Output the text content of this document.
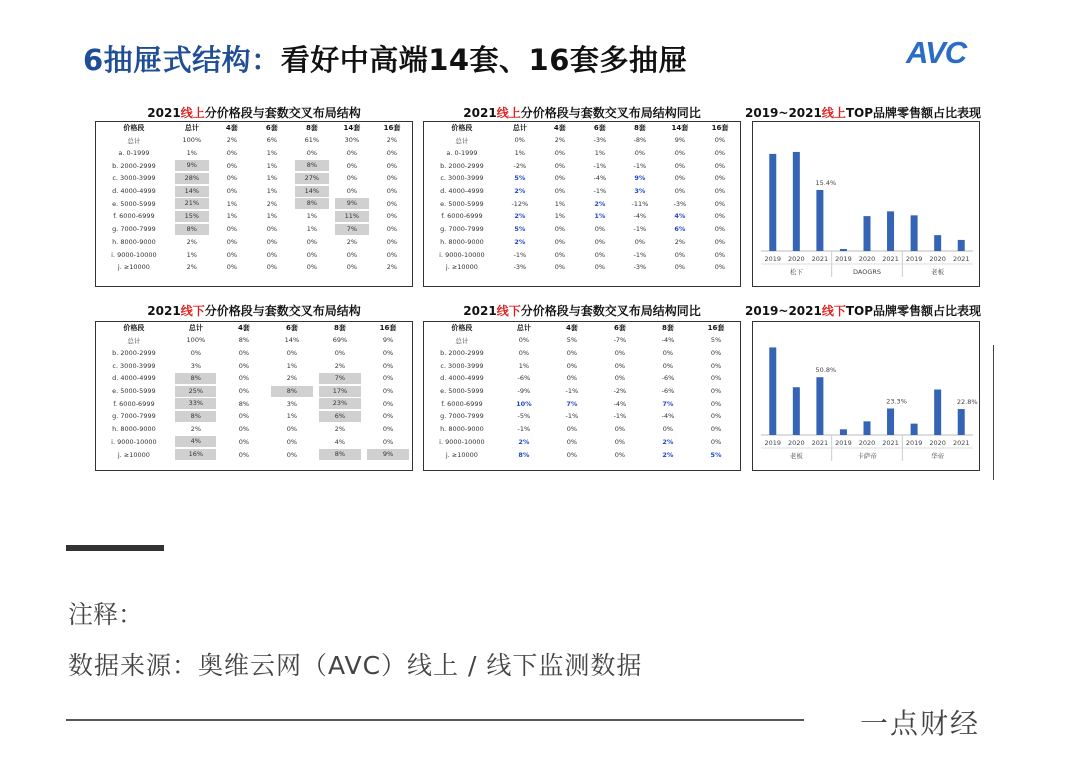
6抽屉式结构：看好中高端14套、16套多抽屉	AVC
2021线上分价格段与套数交叉布局结构
价格段	总计	4套	6套	8套	14套	16套
总计	100%	2%	6%	61%	30%	2%
a. 0-1999	1%	0%	1%	0%	0%	0%
b. 2000-2999	9%	0%	1%	8%	0%	0%
c. 3000-3999	28%	0%	1%	27%	0%	0%
d. 4000-4999	14%	0%	1%	14%	0%	0%
e. 5000-5999	21%	1%	2%	8%	9%	0%
f. 6000-6999	15%	1%	1%	1%	11%	0%
g. 7000-7999	8%	0%	0%	1%	7%	0%
h. 8000-9000	2%	0%	0%	0%	2%	0%
i. 9000-10000	1%	0%	0%	0%	0%	0%
j. ≥10000	2%	0%	0%	0%	0%	2%
2021线上分价格段与套数交叉布局结构同比
价格段	总计	4套	6套	8套	14套	16套
总计	0%	2%	-3%	-8%	9%	0%
a. 0-1999	1%	0%	1%	0%	0%	0%
b. 2000-2999	-2%	0%	-1%	-1%	0%	0%
c. 3000-3999	5%	0%	-4%	9%	0%	0%
d. 4000-4999	2%	0%	-1%	3%	0%	0%
e. 5000-5999	-12%	1%	2%	-11%	-3%	0%
f. 6000-6999	2%	1%	1%	-4%	4%	0%
g. 7000-7999	5%	0%	0%	-1%	6%	0%
h. 8000-9000	2%	0%	0%	0%	2%	0%
i. 9000-10000	-1%	0%	0%	-1%	0%	0%
j. ≥10000	-3%	0%	0%	-3%	0%	0%
2019~2021线上TOP品牌零售额占比表现
2019 2020 2021 2019 2020 2021 2019 2020 2021
松下	DAOGRS	老板
15.4%
2021线下分价格段与套数交叉布局结构
价格段	总计	4套	6套	8套	16套
总计	100%	8%	14%	69%	9%
b. 2000-2999	0%	0%	0%	0%	0%
c. 3000-3999	3%	0%	1%	2%	0%
d. 4000-4999	8%	0%	2%	7%	0%
e. 5000-5999	25%	0%	8%	17%	0%
f. 6000-6999	33%	8%	3%	23%	0%
g. 7000-7999	8%	0%	1%	6%	0%
h. 8000-9000	2%	0%	0%	2%	0%
i. 9000-10000	4%	0%	0%	4%	0%
j. ≥10000	16%	0%	0%	8%	9%
2021线下分价格段与套数交叉布局结构同比
价格段	总计	4套	6套	8套	16套
总计	0%	5%	-7%	-4%	5%
b. 2000-2999	0%	0%	0%	0%	0%
c. 3000-3999	1%	0%	0%	0%	0%
d. 4000-4999	-6%	0%	0%	-6%	0%
e. 5000-5999	-9%	-1%	-2%	-6%	0%
f. 6000-6999	10%	7%	-4%	7%	0%
g. 7000-7999	-5%	-1%	-1%	-4%	0%
h. 8000-9000	-1%	0%	0%	0%	0%
i. 9000-10000	2%	0%	0%	2%	0%
j. ≥10000	8%	0%	0%	2%	5%
2019~2021线下TOP品牌零售额占比表现
2019 2020 2021 2019 2020 2021 2019 2020 2021
老板	卡萨帝	华帝
50.8%
23.3%	22.8%
注释：
数据来源：奥维云网（AVC）线上 / 线下监测数据
一点财经
